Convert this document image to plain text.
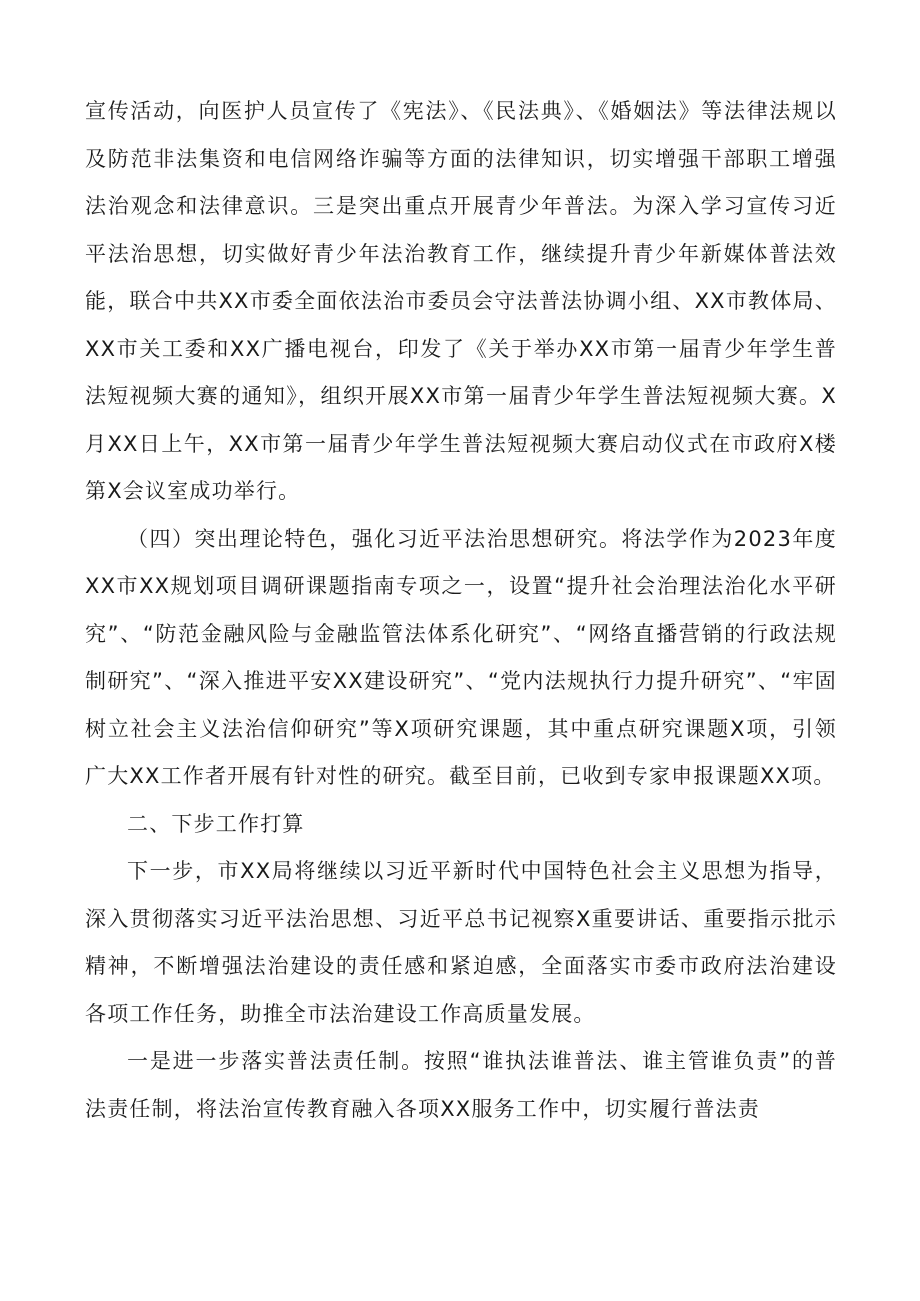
宣传活动，向医护人员宣传了《宪法》、《民法典》、《婚姻法》等法律法规以及防范非法集资和电信网络诈骗等方面的法律知识，切实增强干部职工增强法治观念和法律意识。三是突出重点开展青少年普法。为深入学习宣传习近平法治思想，切实做好青少年法治教育工作，继续提升青少年新媒体普法效能，联合中共XX市委全面依法治市委员会守法普法协调小组、XX市教体局、XX市关工委和XX广播电视台，印发了《关于举办XX市第一届青少年学生普法短视频大赛的通知》，组织开展XX市第一届青少年学生普法短视频大赛。X月XX日上午，XX市第一届青少年学生普法短视频大赛启动仪式在市政府X楼第X会议室成功举行。

（四）突出理论特色，强化习近平法治思想研究。将法学作为2023年度XX市XX规划项目调研课题指南专项之一，设置“提升社会治理法治化水平研究”、“防范金融风险与金融监管法体系化研究”、“网络直播营销的行政法规制研究”、“深入推进平安XX建设研究”、“党内法规执行力提升研究”、“牢固树立社会主义法治信仰研究”等X项研究课题，其中重点研究课题X项，引领广大XX工作者开展有针对性的研究。截至目前，已收到专家申报课题XX项。

二、下步工作打算

下一步，市XX局将继续以习近平新时代中国特色社会主义思想为指导，深入贯彻落实习近平法治思想、习近平总书记视察X重要讲话、重要指示批示精神，不断增强法治建设的责任感和紧迫感，全面落实市委市政府法治建设各项工作任务，助推全市法治建设工作高质量发展。

一是进一步落实普法责任制。按照“谁执法谁普法、谁主管谁负责”的普法责任制，将法治宣传教育融入各项XX服务工作中，切实履行普法责
